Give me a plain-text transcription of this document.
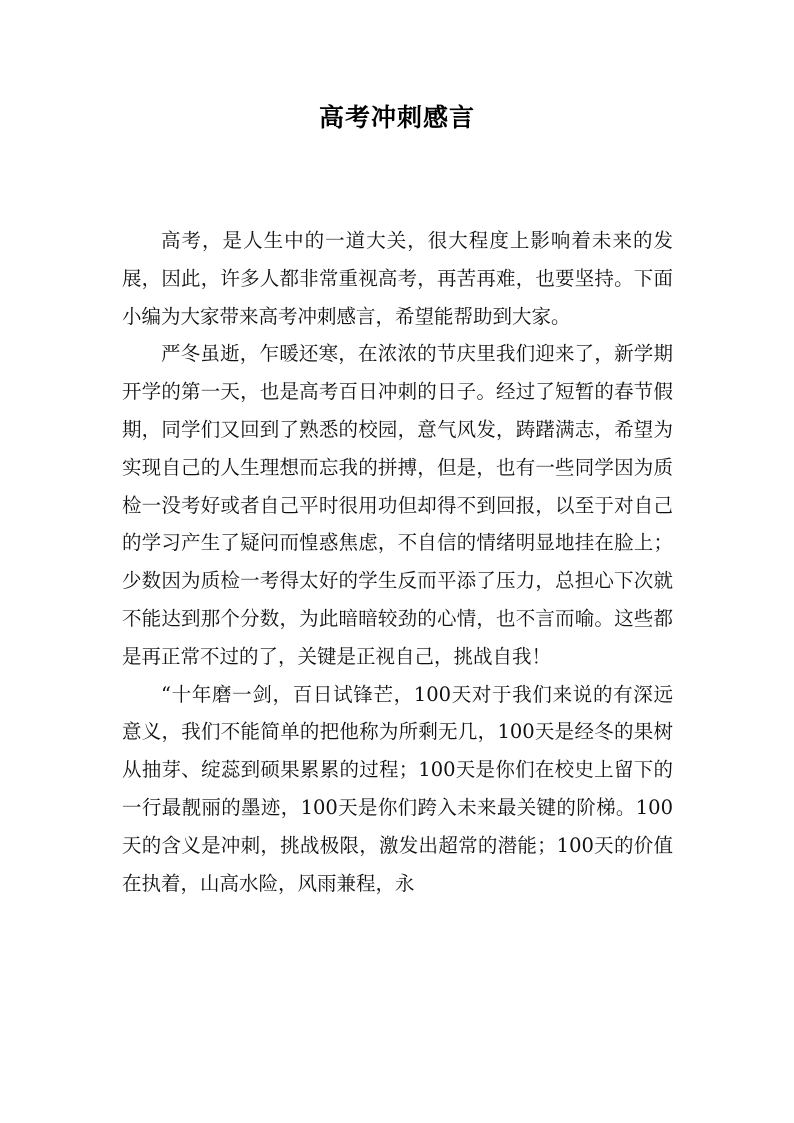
高考冲刺感言

高考，是人生中的一道大关，很大程度上影响着未来的发展，因此，许多人都非常重视高考，再苦再难，也要坚持。下面小编为大家带来高考冲刺感言，希望能帮助到大家。

严冬虽逝，乍暖还寒，在浓浓的节庆里我们迎来了，新学期开学的第一天，也是高考百日冲刺的日子。经过了短暂的春节假期，同学们又回到了熟悉的校园，意气风发，踌躇满志，希望为实现自己的人生理想而忘我的拼搏，但是，也有一些同学因为质检一没考好或者自己平时很用功但却得不到回报，以至于对自己的学习产生了疑问而惶惑焦虑，不自信的情绪明显地挂在脸上；少数因为质检一考得太好的学生反而平添了压力，总担心下次就不能达到那个分数，为此暗暗较劲的心情，也不言而喻。这些都是再正常不过的了，关键是正视自己，挑战自我！

“十年磨一剑，百日试锋芒，100天对于我们来说的有深远意义，我们不能简单的把他称为所剩无几，100天是经冬的果树从抽芽、绽蕊到硕果累累的过程；100天是你们在校史上留下的一行最靓丽的墨迹，100天是你们跨入未来最关键的阶梯。100天的含义是冲刺，挑战极限，激发出超常的潜能；100天的价值在执着，山高水险，风雨兼程，永
